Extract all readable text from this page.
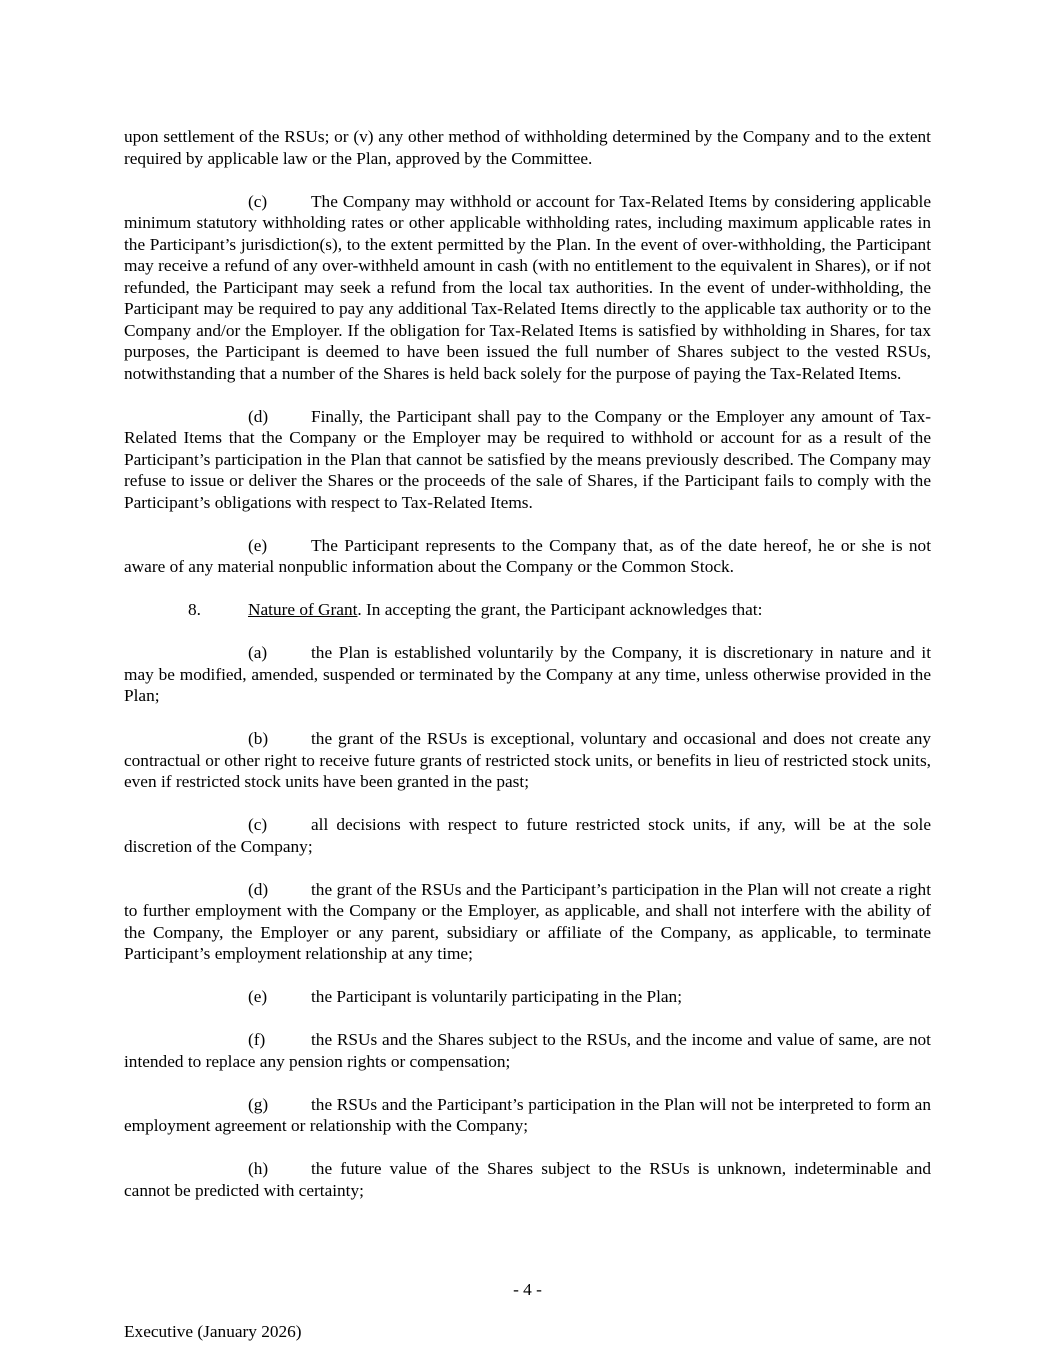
upon settlement of the RSUs; or (v) any other method of withholding determined by the Company and to the extent required by applicable law or the Plan, approved by the Committee.

(c)	The Company may withhold or account for Tax-Related Items by considering applicable minimum statutory withholding rates or other applicable withholding rates, including maximum applicable rates in the Participant’s jurisdiction(s), to the extent permitted by the Plan. In the event of over-withholding, the Participant may receive a refund of any over-withheld amount in cash (with no entitlement to the equivalent in Shares), or if not refunded, the Participant may seek a refund from the local tax authorities. In the event of under-withholding, the Participant may be required to pay any additional Tax-Related Items directly to the applicable tax authority or to the Company and/or the Employer. If the obligation for Tax-Related Items is satisfied by withholding in Shares, for tax purposes, the Participant is deemed to have been issued the full number of Shares subject to the vested RSUs, notwithstanding that a number of the Shares is held back solely for the purpose of paying the Tax-Related Items.

(d) Finally, the Participant shall pay to the Company or the Employer any amount of Tax-Related Items that the Company or the Employer may be required to withhold or account for as a result of the Participant’s participation in the Plan that cannot be satisfied by the means previously described. The Company may refuse to issue or deliver the Shares or the proceeds of the sale of Shares, if the Participant fails to comply with the Participant’s obligations with respect to Tax-Related Items.

(e)	The Participant represents to the Company that, as of the date hereof, he or she is not aware of any material nonpublic information about the Company or the Common Stock.

8.	Nature of Grant. In accepting the grant, the Participant acknowledges that:

(a)	the Plan is established voluntarily by the Company, it is discretionary in nature and it may be modified, amended, suspended or terminated by the Company at any time, unless otherwise provided in the Plan;

(b) the grant of the RSUs is exceptional, voluntary and occasional and does not create any contractual or other right to receive future grants of restricted stock units, or benefits in lieu of restricted stock units, even if restricted stock units have been granted in the past;

(c)	all decisions with respect to future restricted stock units, if any, will be at the sole discretion of the Company;

(d) the grant of the RSUs and the Participant’s participation in the Plan will not create a right to further employment with the Company or the Employer, as applicable, and shall not interfere with the ability of the Company, the Employer or any parent, subsidiary or affiliate of the Company, as applicable, to terminate Participant’s employment relationship at any time;

(e)	the Participant is voluntarily participating in the Plan;

(f)	the RSUs and the Shares subject to the RSUs, and the income and value of same, are not intended to replace any pension rights or compensation;

(g) the RSUs and the Participant’s participation in the Plan will not be interpreted to form an employment agreement or relationship with the Company;

(h) the future value of the Shares subject to the RSUs is unknown, indeterminable and cannot be predicted with certainty;

- 4 -
Executive (January 2026)
